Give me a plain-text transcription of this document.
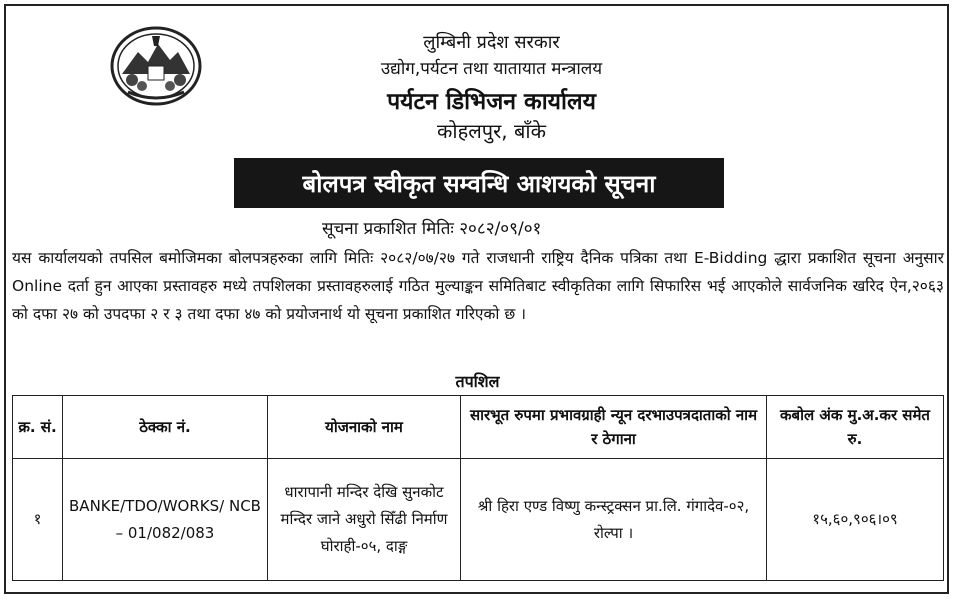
लुम्बिनी प्रदेश सरकार
उद्योग,पर्यटन तथा यातायात मन्त्रालय
पर्यटन डिभिजन कार्यालय
कोहलपुर, बाँके
बोलपत्र स्वीकृत सम्वन्धि आशयको सूचना
सूचना प्रकाशित मितिः २०८२/०९/०१
यस कार्यालयको तपसिल बमोजिमका बोलपत्रहरुका लागि मितिः २०८२/०७/२७ गते राजधानी राष्ट्रिय दैनिक पत्रिका तथा E-Bidding द्धारा प्रकाशित सूचना अनुसार Online दर्ता हुन आएका प्रस्तावहरु मध्ये तपशिलका प्रस्तावहरुलाई गठित मुल्याङ्कन समितिबाट स्वीकृतिका लागि सिफारिस भई आएकोले सार्वजनिक खरिद ऐन,२०६३ को दफा २७ को उपदफा २ र ३ तथा दफा ४७ को प्रयोजनार्थ यो सूचना प्रकाशित गरिएको छ ।
तपशिल
क्र. सं.	ठेक्का नं.	योजनाको नाम	सारभूत रुपमा प्रभावग्राही न्यून दरभाउपत्रदाताको नाम र ठेगाना	कबोल अंक मु.अ.कर समेत रु.
१	BANKE/TDO/WORKS/ NCB – 01/082/083	धारापानी मन्दिर देखि सुनकोट मन्दिर जाने अधुरो सिँढी निर्माण घोराही-०५, दाङ्ग	श्री हिरा एण्ड विष्णु कन्स्ट्रक्सन प्रा.लि. गंगादेव-०२, रोल्पा ।	१५,६०,९०६।०९
